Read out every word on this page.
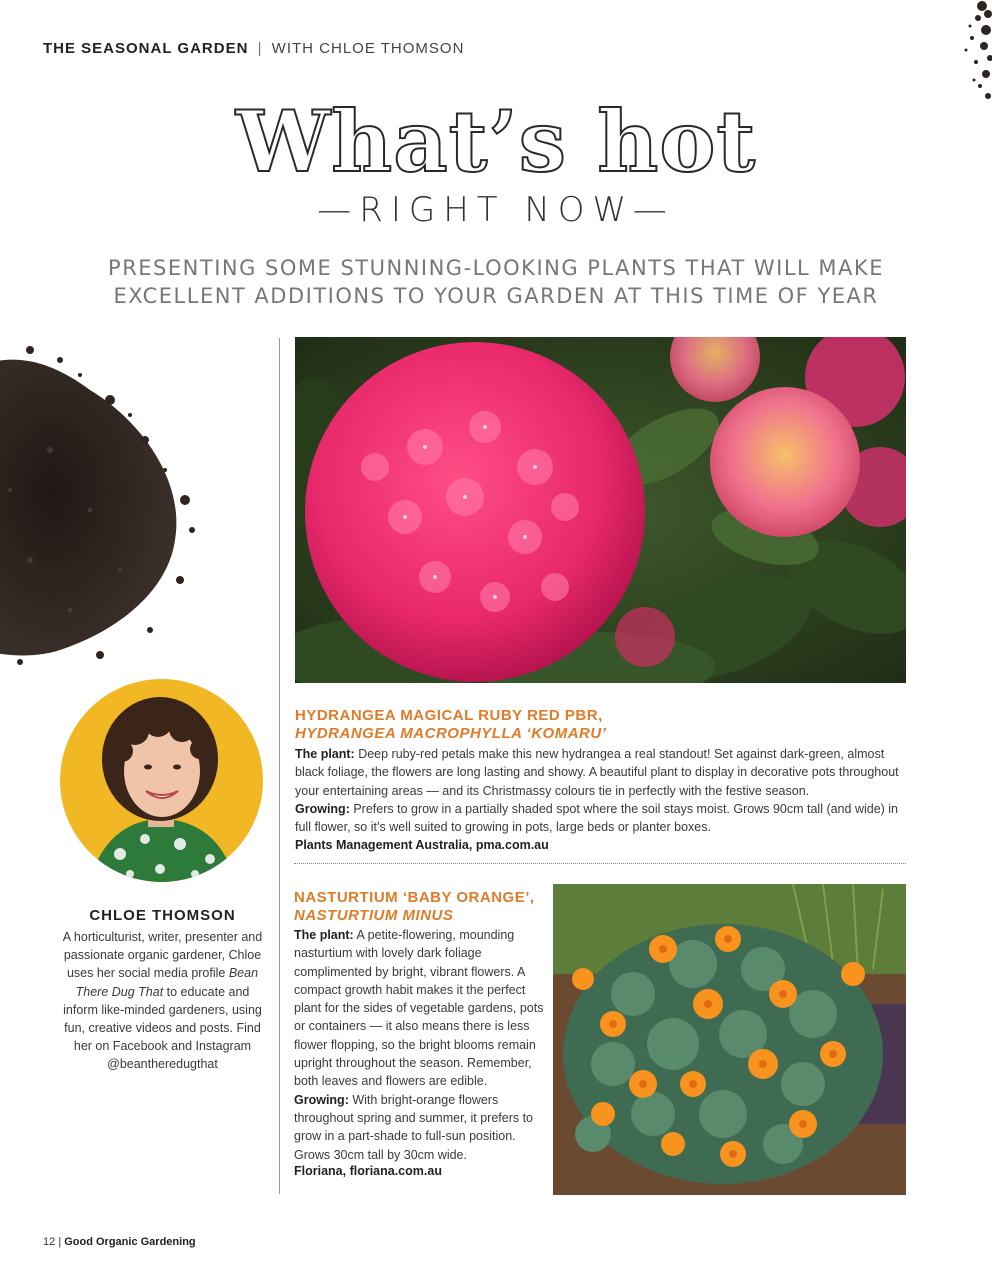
THE SEASONAL GARDEN | WITH CHLOE THOMSON
What’s hot
—RIGHT NOW—
PRESENTING SOME STUNNING-LOOKING PLANTS THAT WILL MAKE
EXCELLENT ADDITIONS TO YOUR GARDEN AT THIS TIME OF YEAR
CHLOE THOMSON
A horticulturist, writer, presenter and passionate organic gardener, Chloe uses her social media profile Bean There Dug That to educate and inform like-minded gardeners, using fun, creative videos and posts. Find her on Facebook and Instagram @beantheredugthat
HYDRANGEA MAGICAL RUBY RED PBR,
HYDRANGEA MACROPHYLLA ‘KOMARU’

The plant: Deep ruby-red petals make this new hydrangea a real standout! Set against dark-green, almost black foliage, the flowers are long lasting and showy. A beautiful plant to display in decorative pots throughout your entertaining areas — and its Christmassy colours tie in perfectly with the festive season.

Growing: Prefers to grow in a partially shaded spot where the soil stays moist. Grows 90cm tall (and wide) in full flower, so it’s well suited to growing in pots, large beds or planter boxes.

Plants Management Australia, pma.com.au
NASTURTIUM ‘BABY ORANGE’,
NASTURTIUM MINUS

The plant: A petite-flowering, mounding nasturtium with lovely dark foliage complimented by bright, vibrant flowers. A compact growth habit makes it the perfect plant for the sides of vegetable gardens, pots or containers — it also means there is less flower flopping, so the bright blooms remain upright throughout the season. Remember, both leaves and flowers are edible.

Growing: With bright-orange flowers throughout spring and summer, it prefers to grow in a part-shade to full-sun position. Grows 30cm tall by 30cm wide.

Floriana, floriana.com.au
12 | Good Organic Gardening
